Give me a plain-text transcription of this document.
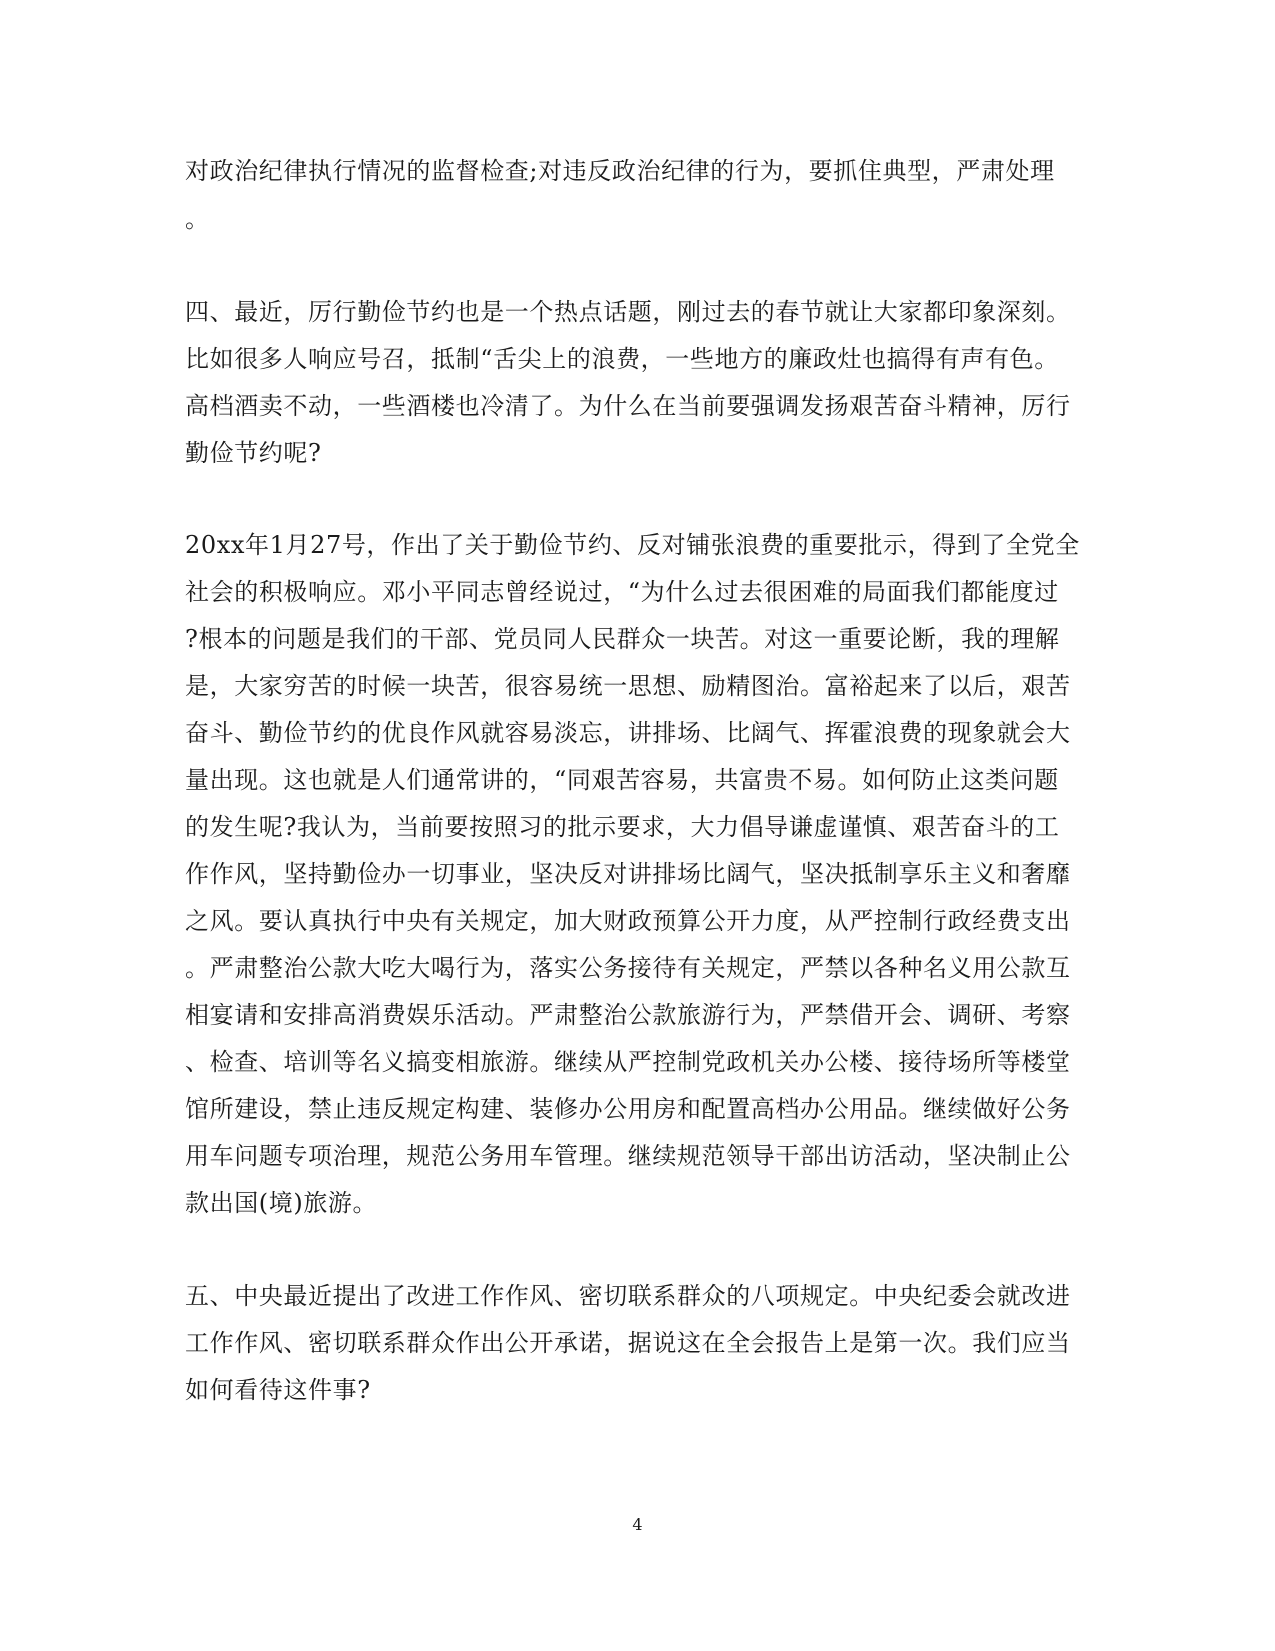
对政治纪律执行情况的监督检查;对违反政治纪律的行为，要抓住典型，严肃处理
。
四、最近，厉行勤俭节约也是一个热点话题，刚过去的春节就让大家都印象深刻。
比如很多人响应号召，抵制“舌尖上的浪费，一些地方的廉政灶也搞得有声有色。
高档酒卖不动，一些酒楼也冷清了。为什么在当前要强调发扬艰苦奋斗精神，厉行
勤俭节约呢?
20xx年1月27号，作出了关于勤俭节约、反对铺张浪费的重要批示，得到了全党全
社会的积极响应。邓小平同志曾经说过，“为什么过去很困难的局面我们都能度过
?根本的问题是我们的干部、党员同人民群众一块苦。对这一重要论断，我的理解
是，大家穷苦的时候一块苦，很容易统一思想、励精图治。富裕起来了以后，艰苦
奋斗、勤俭节约的优良作风就容易淡忘，讲排场、比阔气、挥霍浪费的现象就会大
量出现。这也就是人们通常讲的，“同艰苦容易，共富贵不易。如何防止这类问题
的发生呢?我认为，当前要按照习的批示要求，大力倡导谦虚谨慎、艰苦奋斗的工
作作风，坚持勤俭办一切事业，坚决反对讲排场比阔气，坚决抵制享乐主义和奢靡
之风。要认真执行中央有关规定，加大财政预算公开力度，从严控制行政经费支出
。严肃整治公款大吃大喝行为，落实公务接待有关规定，严禁以各种名义用公款互
相宴请和安排高消费娱乐活动。严肃整治公款旅游行为，严禁借开会、调研、考察
、检查、培训等名义搞变相旅游。继续从严控制党政机关办公楼、接待场所等楼堂
馆所建设，禁止违反规定构建、装修办公用房和配置高档办公用品。继续做好公务
用车问题专项治理，规范公务用车管理。继续规范领导干部出访活动，坚决制止公
款出国(境)旅游。
五、中央最近提出了改进工作作风、密切联系群众的八项规定。中央纪委会就改进
工作作风、密切联系群众作出公开承诺，据说这在全会报告上是第一次。我们应当
如何看待这件事?
4
